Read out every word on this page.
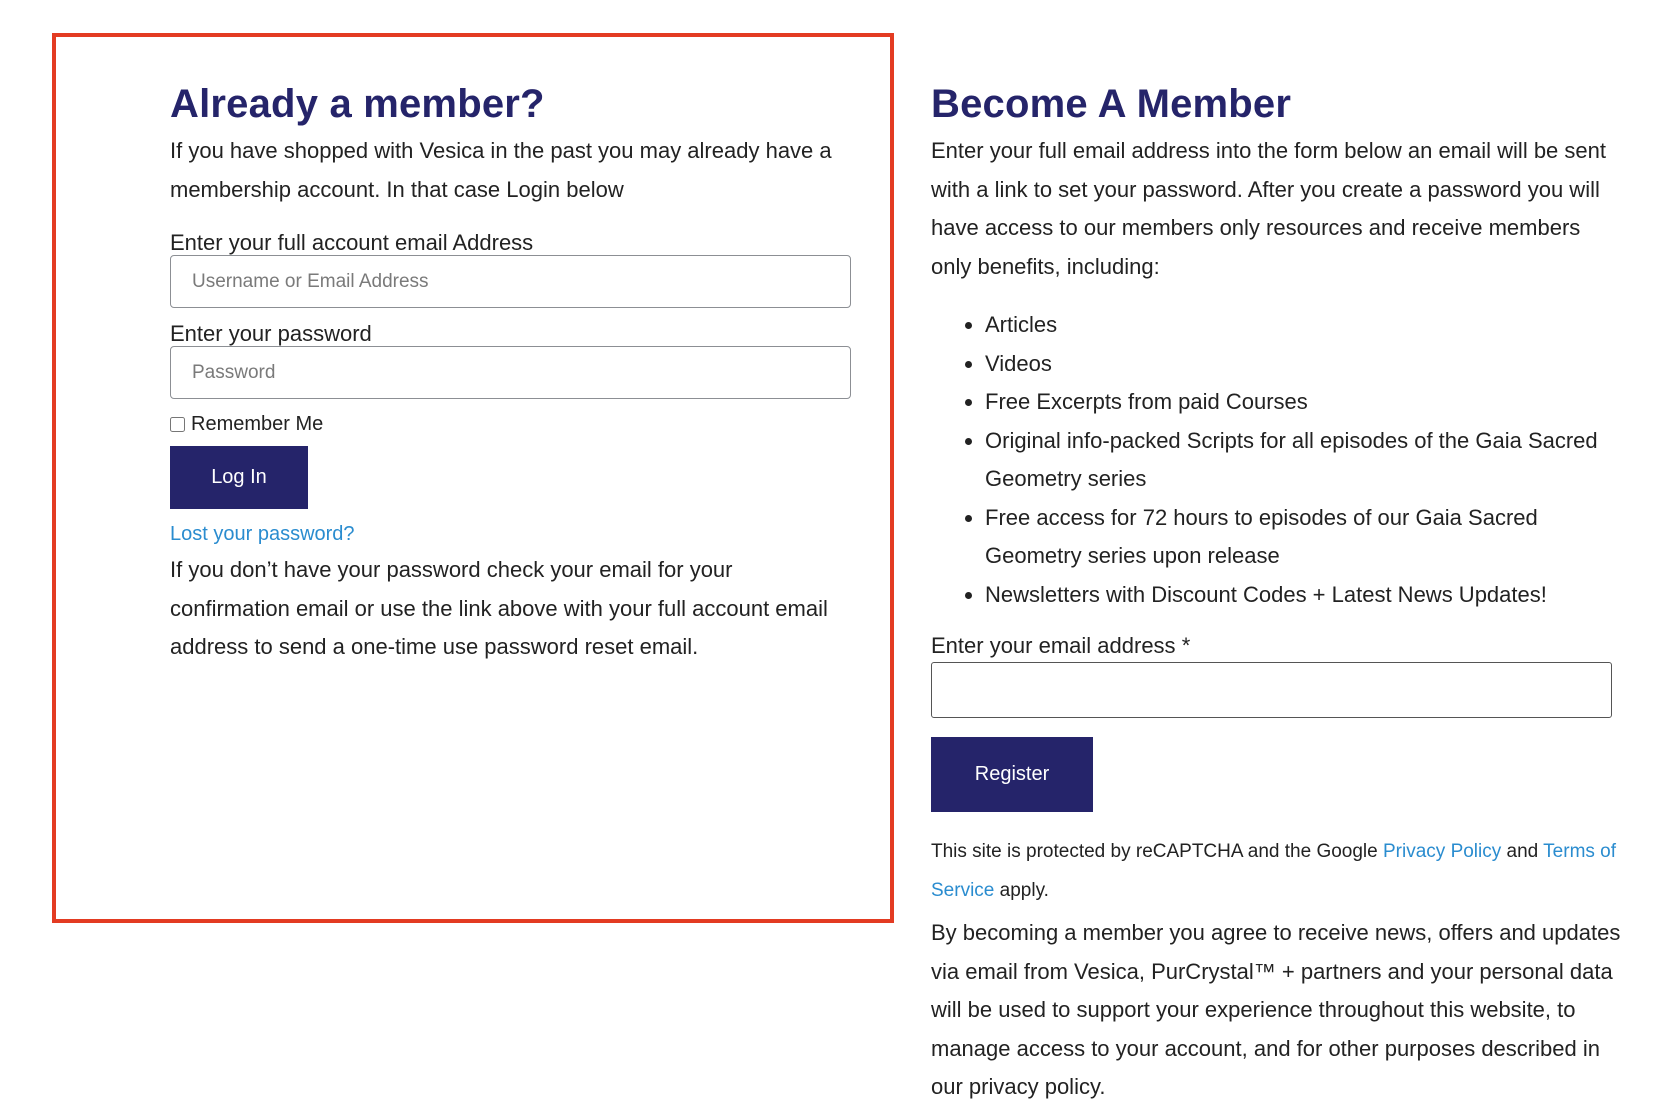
Already a member?

If you have shopped with Vesica in the past you may already have a membership account. In that case Login below

Enter your full account email Address
Username or Email Address
Enter your password
Remember Me
Log In
Lost your password?

If you don’t have your password check your email for your confirmation email or use the link above with your full account email address to send a one-time use password reset email.

Become A Member

Enter your full email address into the form below an email will be sent with a link to set your password. After you create a password you will have access to our members only resources and receive members only benefits, including:

• Articles
• Videos
• Free Excerpts from paid Courses
• Original info-packed Scripts for all episodes of the Gaia Sacred Geometry series
• Free access for 72 hours to episodes of our Gaia Sacred Geometry series upon release
• Newsletters with Discount Codes + Latest News Updates!
Enter your email address *
Register

This site is protected by reCAPTCHA and the Google Privacy Policy and Terms of Service apply.

By becoming a member you agree to receive news, offers and updates via email from Vesica, PurCrystal™ + partners and your personal data will be used to support your experience throughout this website, to manage access to your account, and for other purposes described in our privacy policy.
